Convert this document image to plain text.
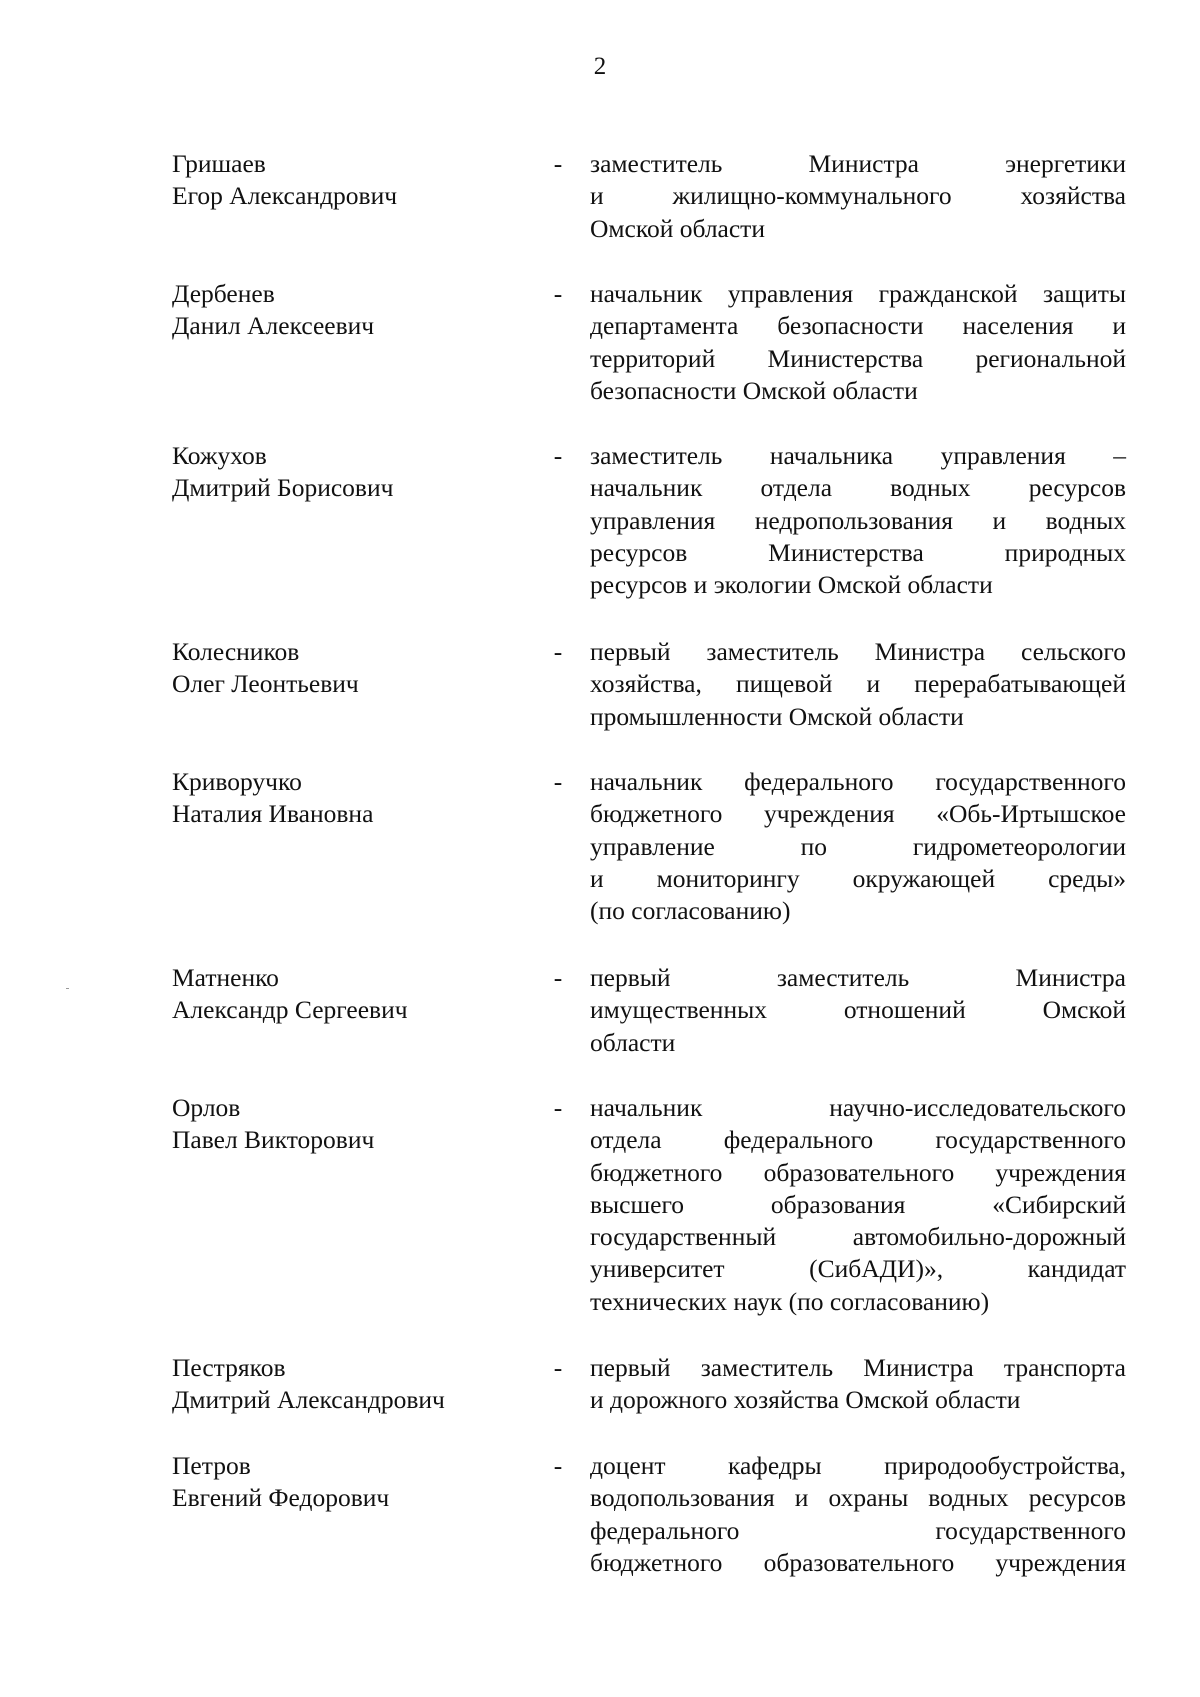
2
Гришаев
Егор Александрович
- заместитель Министра энергетики
и жилищно-коммунального хозяйства
Омской области
Дербенев
Данил Алексеевич
- начальник управления гражданской защиты
департамента безопасности населения и
территорий Министерства региональной
безопасности Омской области
Кожухов
Дмитрий Борисович
- заместитель начальника управления –
начальник отдела водных ресурсов
управления недропользования и водных
ресурсов Министерства природных
ресурсов и экологии Омской области
Колесников
Олег Леонтьевич
- первый заместитель Министра сельского
хозяйства, пищевой и перерабатывающей
промышленности Омской области
Криворучко
Наталия Ивановна
- начальник федерального государственного
бюджетного учреждения «Обь-Иртышское
управление по гидрометеорологии
и мониторингу окружающей среды»
(по согласованию)
Матненко
Александр Сергеевич
- первый заместитель Министра
имущественных отношений Омской
области
Орлов
Павел Викторович
- начальник научно-исследовательского
отдела федерального государственного
бюджетного образовательного учреждения
высшего образования «Сибирский
государственный автомобильно-дорожный
университет (СибАДИ)», кандидат
технических наук (по согласованию)
Пестряков
Дмитрий Александрович
- первый заместитель Министра транспорта
и дорожного хозяйства Омской области
Петров
Евгений Федорович
- доцент кафедры природообустройства,
водопользования и охраны водных ресурсов
федерального государственного
бюджетного образовательного учреждения
